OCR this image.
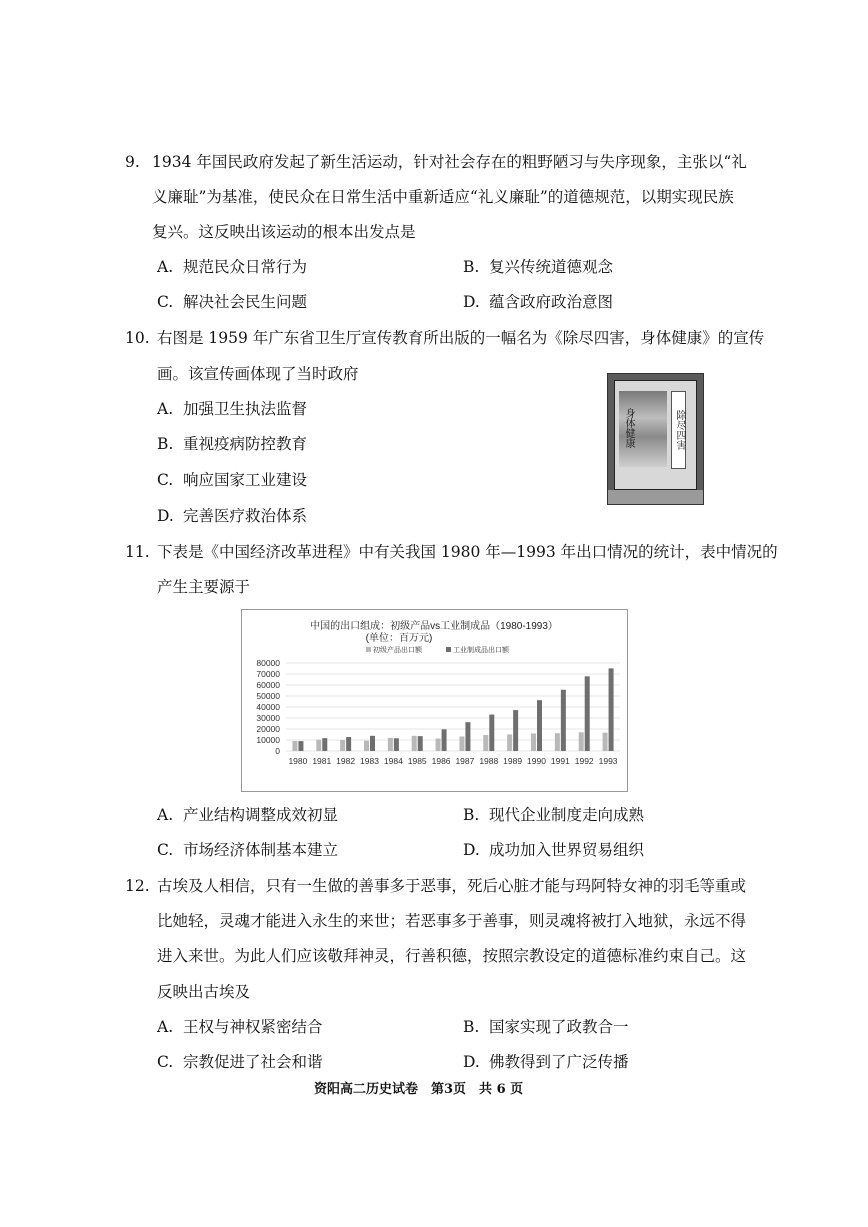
9. 1934 年国民政府发起了新生活运动，针对社会存在的粗野陋习与失序现象，主张以“礼
义廉耻”为基准，使民众在日常生活中重新适应“礼义廉耻”的道德规范，以期实现民族
复兴。这反映出该运动的根本出发点是
A. 规范民众日常行为	B. 复兴传统道德观念
C. 解决社会民生问题	D. 蕴含政府政治意图
10. 右图是 1959 年广东省卫生厅宣传教育所出版的一幅名为《除尽四害，身体健康》的宣传
画。该宣传画体现了当时政府
A. 加强卫生执法监督
B. 重视疫病防控教育
C. 响应国家工业建设
D. 完善医疗救治体系
除尽四害
身体健康
11. 下表是《中国经济改革进程》中有关我国 1980 年—1993 年出口情况的统计，表中情况的
产生主要源于
中国的出口组成：初级产品vs工业制成品（1980-1993）
(单位：百万元)
初级产品出口额	工业制成品出口额
0
10000
20000
30000
40000
50000
60000
70000
80000
1980 1981 1982 1983 1984 1985 1986 1987 1988 1989 1990 1991 1992 1993
A. 产业结构调整成效初显	B. 现代企业制度走向成熟
C. 市场经济体制基本建立	D. 成功加入世界贸易组织
12. 古埃及人相信，只有一生做的善事多于恶事，死后心脏才能与玛阿特女神的羽毛等重或
比她轻，灵魂才能进入永生的来世；若恶事多于善事，则灵魂将被打入地狱，永远不得
进入来世。为此人们应该敬拜神灵，行善积德，按照宗教设定的道德标准约束自己。这
反映出古埃及
A. 王权与神权紧密结合	B. 国家实现了政教合一
C. 宗教促进了社会和谐	D. 佛教得到了广泛传播
资阳高二历史试卷　第3页　共 6 页
